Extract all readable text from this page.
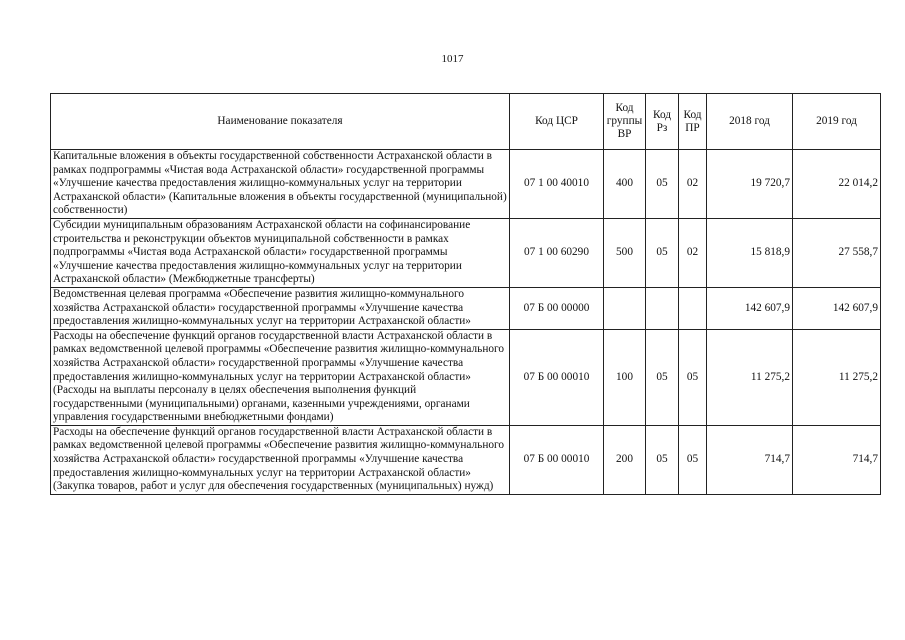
1017
Наименование показателя	Код ЦСР	Код группы ВР	Код Рз	Код ПР	2018 год	2019 год
Капитальные вложения в объекты государственной собственности Астраханской области в рамках подпрограммы «Чистая вода Астраханской области» государственной программы «Улучшение качества предоставления жилищно-коммунальных услуг на территории Астраханской области» (Капитальные вложения в объекты государственной (муниципальной) собственности)	07 1 00 40010	400	05	02	19 720,7	22 014,2
Субсидии муниципальным образованиям Астраханской области на софинансирование строительства и реконструкции объектов муниципальной собственности в рамках подпрограммы «Чистая вода Астраханской области» государственной программы «Улучшение качества предоставления жилищно-коммунальных услуг на территории Астраханской области» (Межбюджетные трансферты)	07 1 00 60290	500	05	02	15 818,9	27 558,7
Ведомственная целевая программа «Обеспечение развития жилищно-коммунального хозяйства Астраханской области» государственной программы «Улучшение качества предоставления жилищно-коммунальных услуг на территории Астраханской области»	07 Б 00 00000				142 607,9	142 607,9
Расходы на обеспечение функций органов государственной власти Астраханской области в рамках ведомственной целевой программы «Обеспечение развития жилищно-коммунального хозяйства Астраханской области» государственной программы «Улучшение качества предоставления жилищно-коммунальных услуг на территории Астраханской области» (Расходы на выплаты персоналу в целях обеспечения выполнения функций государственными (муниципальными) органами, казенными учреждениями, органами управления государственными внебюджетными фондами)	07 Б 00 00010	100	05	05	11 275,2	11 275,2
Расходы на обеспечение функций органов государственной власти Астраханской области в рамках ведомственной целевой программы «Обеспечение развития жилищно-коммунального хозяйства Астраханской области» государственной программы «Улучшение качества предоставления жилищно-коммунальных услуг на территории Астраханской области» (Закупка товаров, работ и услуг для обеспечения государственных (муниципальных) нужд)	07 Б 00 00010	200	05	05	714,7	714,7
